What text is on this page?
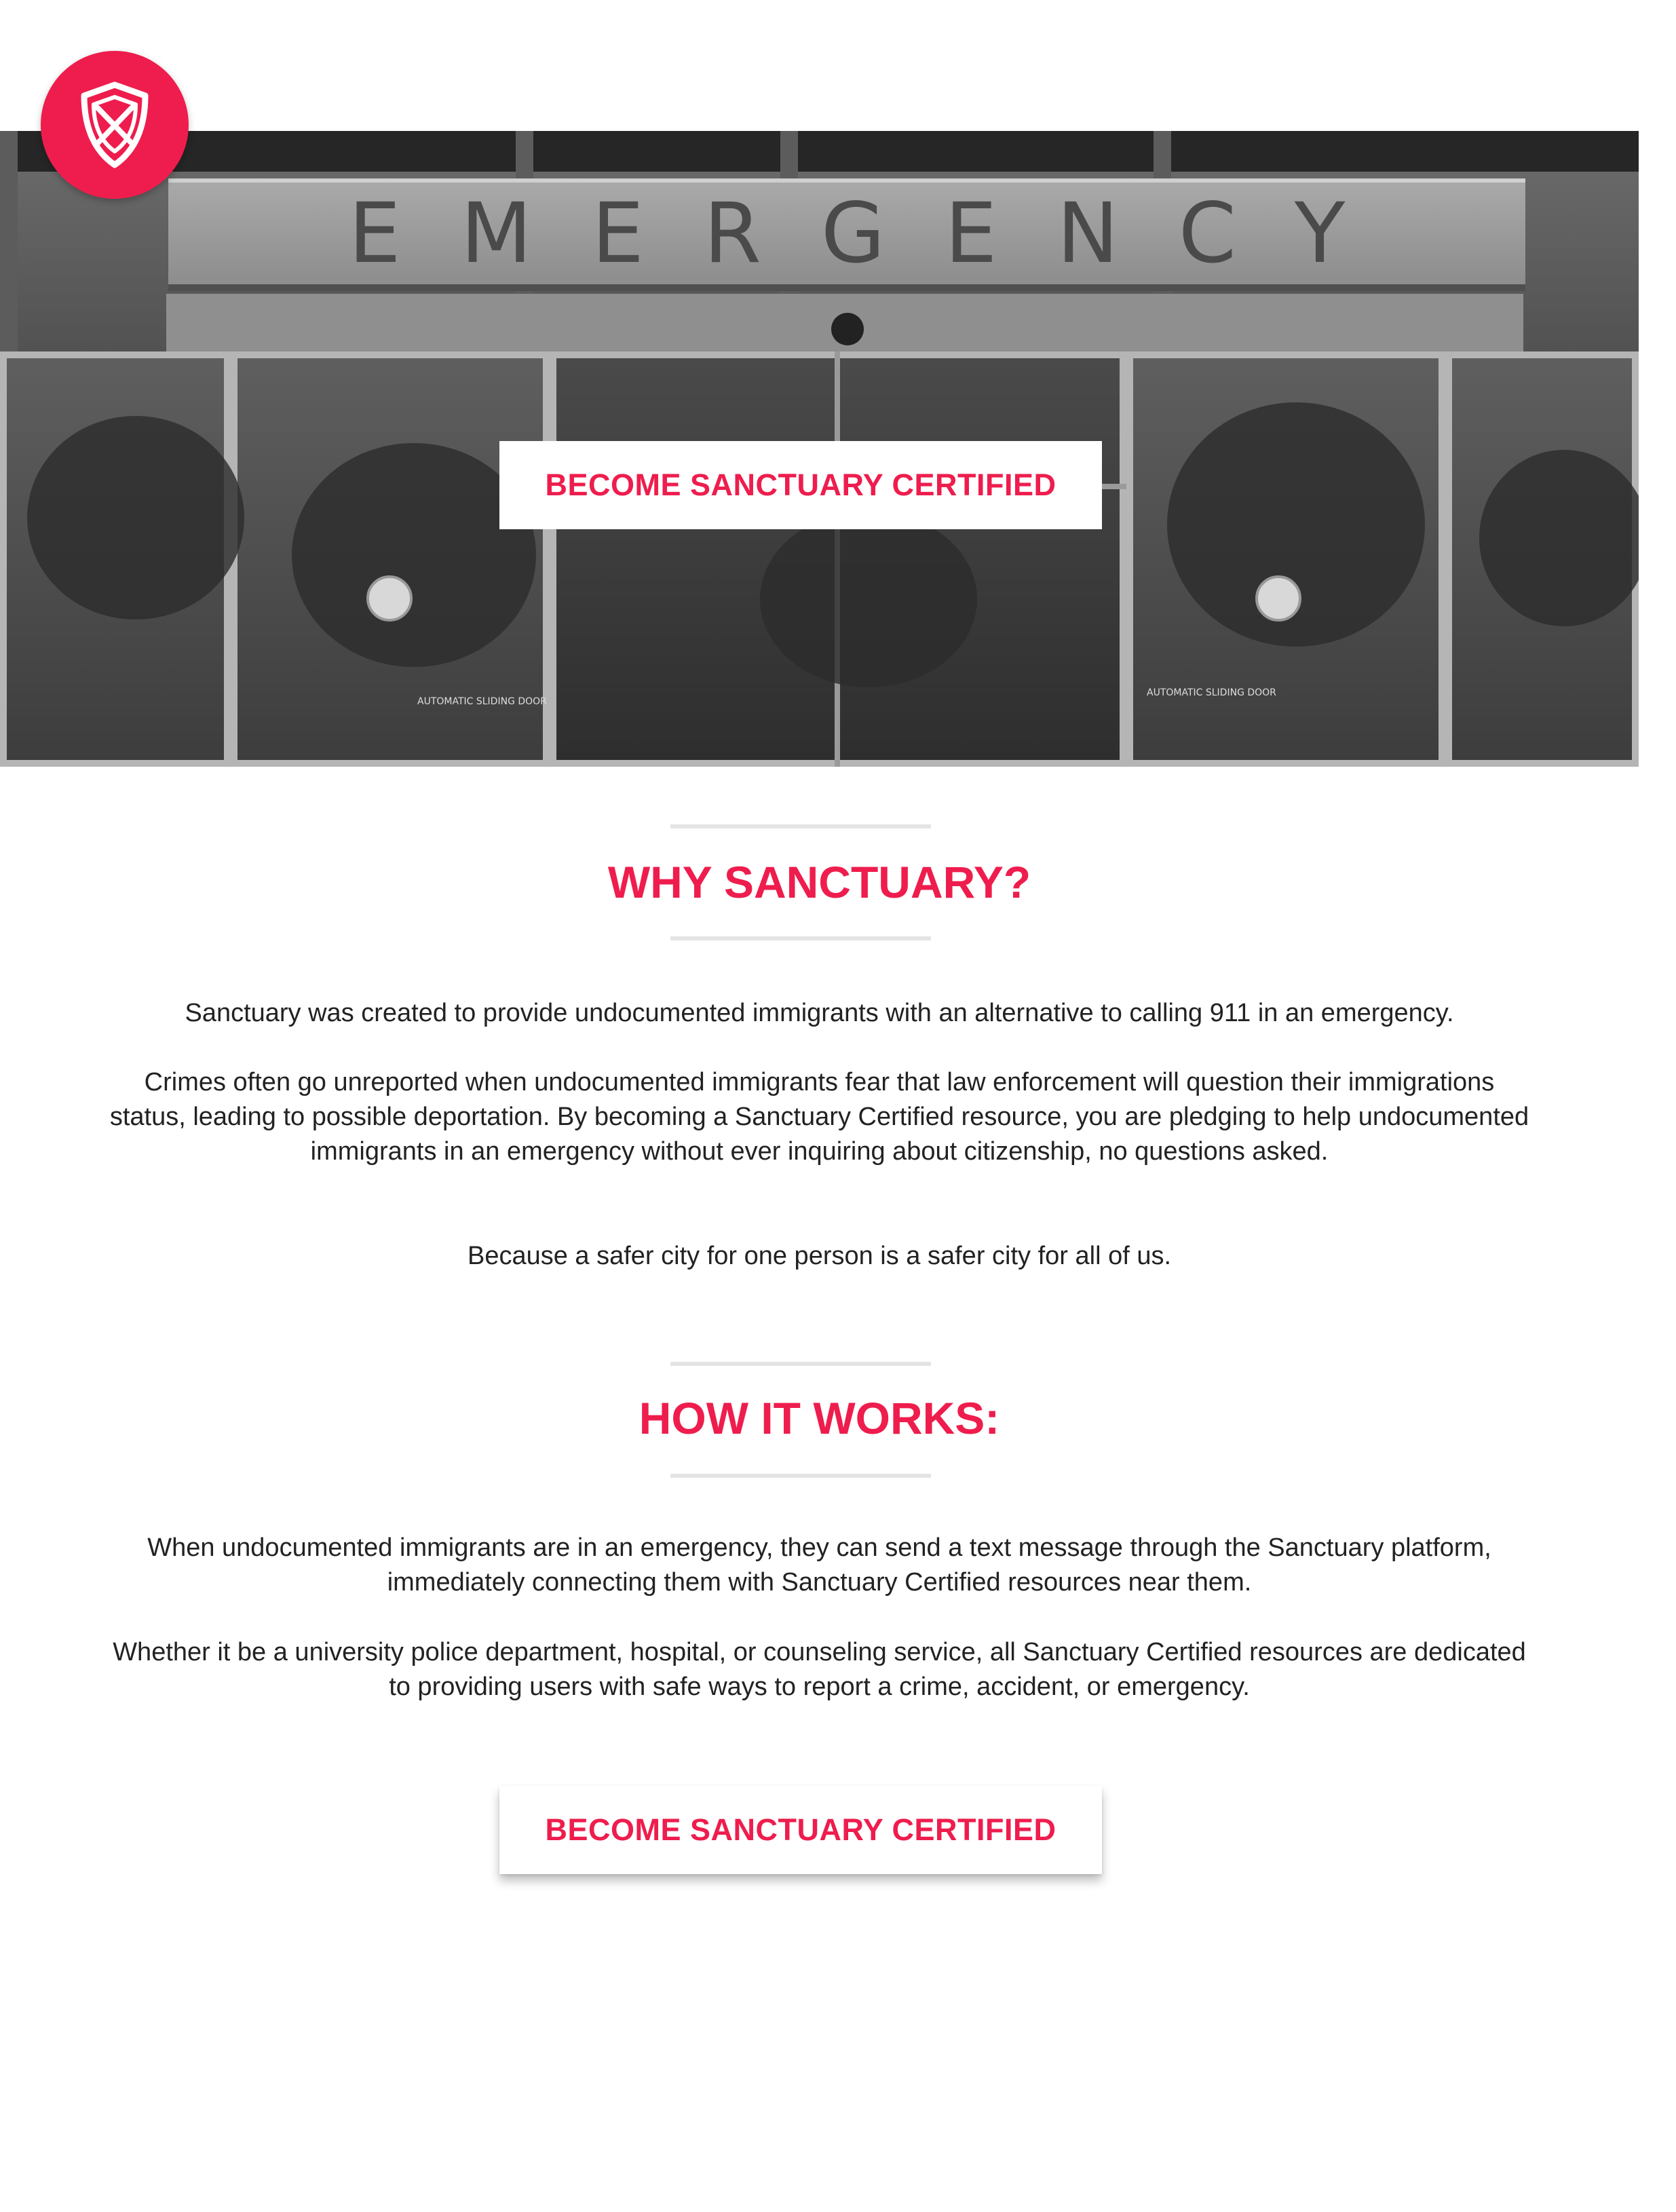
EMERGENCY
AUTOMATIC SLIDING DOOR
AUTOMATIC SLIDING DOOR
BECOME SANCTUARY CERTIFIED
WHY SANCTUARY?

Sanctuary was created to provide undocumented immigrants with an alternative to calling 911 in an emergency.

Crimes often go unreported when undocumented immigrants fear that law enforcement will question their immigrations status, leading to possible deportation. By becoming a Sanctuary Certified resource, you are pledging to help undocumented immigrants in an emergency without ever inquiring about citizenship, no questions asked.

Because a safer city for one person is a safer city for all of us.

HOW IT WORKS:

When undocumented immigrants are in an emergency, they can send a text message through the Sanctuary platform, immediately connecting them with Sanctuary Certified resources near them.

Whether it be a university police department, hospital, or counseling service, all Sanctuary Certified resources are dedicated to providing users with safe ways to report a crime, accident, or emergency.

BECOME SANCTUARY CERTIFIED
